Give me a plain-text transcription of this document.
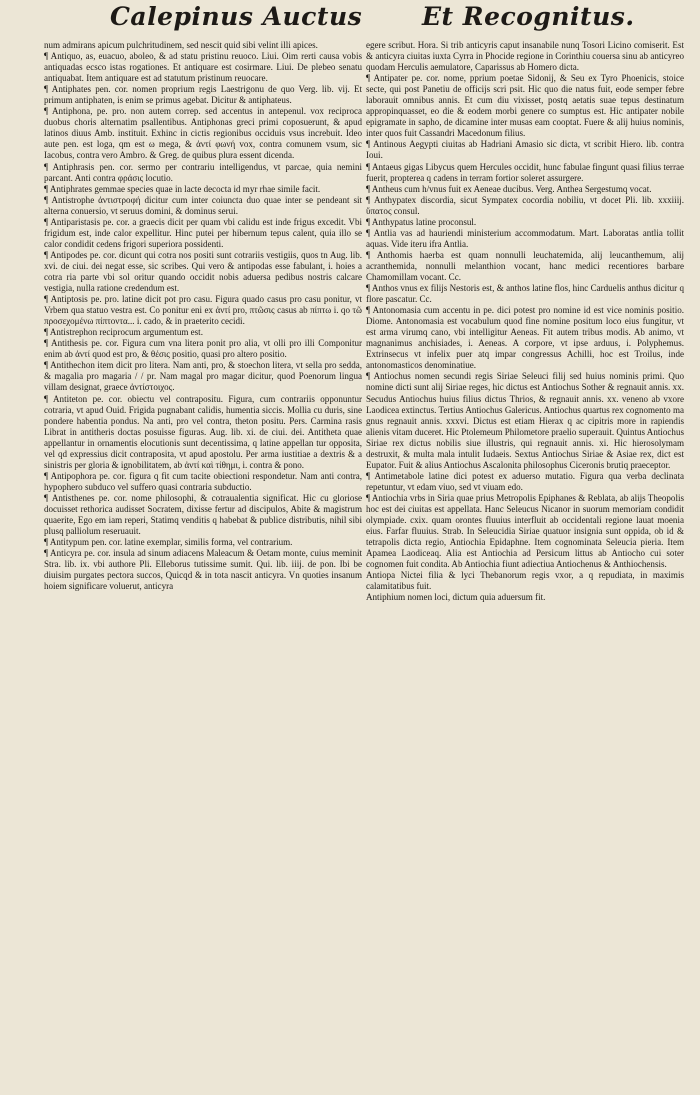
Calepinus Auctus Et Recognitus.

num admirans apicum pulchritudinem, sed nescit quid sibi velint illi apices.

¶ Antiquo, as, euacuo, aboleo, & ad statu pristinu reuoco. Liui. Oim rerti causa vobis antiquadas ecsco istas rogationes. Et antiquare est cosirmare. Liui. De plebeo senatu antiquabat. Item antiquare est ad statutum pristinum reuocare.

¶ Antiphates pen. cor. nomen proprium regis Laestrigonu de quo Verg. lib. vij. Et primum antiphaten, is enim se primus agebat. Dicitur & antiphateus.

¶ Antiphona, pe. pro. non autem correp. sed accentus in antepenul. vox reciproca duobus choris alternatim psallentibus. Antiphonas greci primi coposuerunt, & apud latinos diuus Amb. instituit. Exhinc in cictis regionibus occiduis vsus increbuit. Ideo aute pen. est loga, qm est ω mega, & ἀντί φωνή vox, contra comunem vsum, sic Iacobus, contra vero Ambro. & Greg. de quibus plura essent dicenda.

¶ Antiphrasis pen. cor. sermo per contrariu intelligendus, vt parcae, quia nemini parcant. Anti contra φράσις locutio.

¶ Antiphrates gemmae species quae in lacte decocta id myr rhae simile facit.

¶ Antistrophe ἀντιστροφή dicitur cum inter coiuncta duo quae inter se pendeant sit alterna conuersio, vt seruus domini, & dominus serui.

¶ Antiparistasis pe. cor. a graecis dicit per quam vbi calidu est inde frigus excedit. Vbi frigidum est, inde calor expellitur. Hinc putei per hibernum tepus calent, quia illo se calor condidit cedens frigori superiora possidenti.

¶ Antipodes pe. cor. dicunt qui cotra nos positi sunt cotrariis vestigiis, quos tn Aug. lib. xvi. de ciui. dei negat esse, sic scribes. Qui vero & antipodas esse fabulant, i. hoies a cotra ria parte vbi sol oritur quando occidit nobis aduersa pedibus nostris calcare vestigia, nulla ratione credendum est.

¶ Antiptosis pe. pro. latine dicit pot pro casu. Figura quado casus pro casu ponitur, vt Vrbem qua statuo vestra est. Co ponitur eni ex ἀντί pro, πτῶσις casus ab πίπτω i. qo τῶ προσεχομένω πίπτοντα... i. cado, & in praeterito cecidi.

¶ Antistrephon reciprocum argumentum est.

¶ Antithesis pe. cor. Figura cum vna litera ponit pro alia, vt olli pro illi Componitur enim ab ἀντί quod est pro, & θέσις positio, quasi pro altero positio.

¶ Antithechon item dicit pro litera. Nam anti, pro, & stoechon litera, vt sella pro sedda, & magalia pro magaria / / pr. Nam magal pro magar dicitur, quod Poenorum lingua villam designat, graece ἀντίστοιχος.

¶ Antiteton pe. cor. obiectu vel contrapositu. Figura, cum contrariis opponuntur cotraria, vt apud Ouid. Frigida pugnabant calidis, humentia siccis. Mollia cu duris, sine pondere habentia pondus. Na anti, pro vel contra, theton positu. Pers. Carmina rasis Librat in antitheris doctas posuisse figuras. Aug. lib. xi. de ciui. dei. Antitheta quae appellantur in ornamentis elocutionis sunt decentissima, q latine appellan tur opposita, vel qd expressius dicit contraposita, vt apud apostolu. Per arma iustitiae a dextris & a sinistris per gloria & ignobilitatem, ab ἀντί καὶ τίθημι, i. contra & pono.

¶ Antipophora pe. cor. figura q fit cum tacite obiectioni respondetur. Nam anti contra, hypophero subduco vel suffero quasi contraria subductio.

¶ Antisthenes pe. cor. nome philosophi, & cotraualentia significat. Hic cu gloriose docuisset rethorica audisset Socratem, dixisse fertur ad discipulos, Abite & magistrum quaerite, Ego em iam reperi, Statimq venditis q habebat & publice distributis, nihil sibi plusq palliolum reseruauit.

¶ Antitypum pen. cor. latine exemplar, similis forma, vel contrarium.

¶ Anticyra pe. cor. insula ad sinum adiacens Maleacum & Oetam monte, cuius meminit Stra. lib. ix. vbi authore Pli. Elleborus tutissime sumit. Qui. lib. iiij. de pon. Ibi be diuisim purgates pectora succos, Quicqd & in tota nascit anticyra. Vn quoties insanum hoiem significare voluerut, anticyra

egere scribut. Hora. Si trib anticyris caput insanabile nunq Tosori Licino comiserit. Est & anticyra ciuitas iuxta Cyrra in Phocide regione in Corinthiu couersa sinu ab anticyreo quodam Herculis aemulatore, Caparissus ab Homero dicta.

¶ Antipater pe. cor. nome, pprium poetae Sidonij, & Seu ex Tyro Phoenicis, stoice secte, qui post Panetiu de officijs scri psit. Hic quo die natus fuit, eode semper febre laborauit omnibus annis. Et cum diu vixisset, postq aetatis suae tepus destinatum appropinquasset, eo die & eodem morbi genere co sumptus est. Hic antipater nobile epigramate in sapho, de dicamine inter musas eam cooptat. Fuere & alij huius nominis, inter quos fuit Cassandri Macedonum filius.

¶ Antinous Aegypti ciuitas ab Hadriani Amasio sic dicta, vt scribit Hiero. lib. contra Ioui.

¶ Antaeus gigas Libycus quem Hercules occidit, hunc fabulae fingunt quasi filius terrae fuerit, propterea q cadens in terram fortior soleret assurgere.

¶ Antheus cum h/vnus fuit ex Aeneae ducibus. Verg. Anthea Sergestumq vocat.

¶ Anthypatex discordia, sicut Sympatex cocordia nobiliu, vt docet Pli. lib. xxxiiij. ὕπατος consul.

¶ Anthypatus latine proconsul.

¶ Antlia vas ad hauriendi ministerium accommodatum. Mart. Laboratas antlia tollit aquas. Vide iteru ifra Antlia.

¶ Anthomis haerba est quam nonnulli leuchatemida, alij leucanthemum, alij acranthemida, nonnulli melanthion vocant, hanc medici recentiores barbare Chamomillam vocant. Cc.

¶ Anthos vnus ex filijs Nestoris est, & anthos latine flos, hinc Carduelis anthus dicitur q flore pascatur. Cc.

¶ Antonomasia cum accentu in pe. dici potest pro nomine id est vice nominis positio. Diome. Antonomasia est vocabulum quod fine nomine positum loco eius fungitur, vt est arma virumq cano, vbi intelligitur Aeneas. Fit autem tribus modis. Ab animo, vt magnanimus anchisiades, i. Aeneas. A corpore, vt ipse arduus, i. Polyphemus. Extrinsecus vt infelix puer atq impar congressus Achilli, hoc est Troilus, inde antonomasticos denominatiue.

¶ Antiochus nomen secundi regis Siriae Seleuci filij sed huius nominis primi. Quo nomine dicti sunt alij Siriae reges, hic dictus est Antiochus Sother & regnauit annis. xx. Secudus Antiochus huius filius dictus Thrios, & regnauit annis. xx. veneno ab vxore Laodicea extinctus. Tertius Antiochus Galericus. Antiochus quartus rex cognomento ma gnus regnauit annis. xxxvi. Dictus est etiam Hierax q ac cipitris more in rapiendis alienis vitam duceret. Hic Ptolemeum Philometore praelio superauit. Quintus Antiochus Siriae rex dictus nobilis siue illustris, qui regnauit annis. xi. Hic hierosolymam destruxit, & multa mala intulit Iudaeis. Sextus Antiochus Siriae & Asiae rex, dict est Eupator. Fuit & alius Antiochus Ascalonita philosophus Ciceronis brutiq praeceptor.

¶ Antimetabole latine dici potest ex aduerso mutatio. Figura qua verba declinata repetuntur, vt edam viuo, sed vt viuam edo.

¶ Antiochia vrbs in Siria quae prius Metropolis Epiphanes & Reblata, ab alijs Theopolis hoc est dei ciuitas est appellata. Hanc Seleucus Nicanor in suorum memoriam condidit olympiade. cxix. quam orontes fluuius interfluit ab occidentali regione lauat moenia eius. Farfar fluuius. Strab. In Seleucidia Siriae quatuor insignia sunt oppida, ob id & tetrapolis dicta regio, Antiochia Epidaphne. Item cognominata Seleucia pieria. Item Apamea Laodiceaq. Alia est Antiochia ad Persicum littus ab Antiocho cui soter cognomen fuit condita. Ab Antiochia fiunt adiectiua Antiochenus & Anthiochensis.

Antiopa Nictei filia & lyci Thebanorum regis vxor, a q repudiata, in maximis calamitatibus fuit.

Antiphium nomen loci, dictum quia aduersum fit.
